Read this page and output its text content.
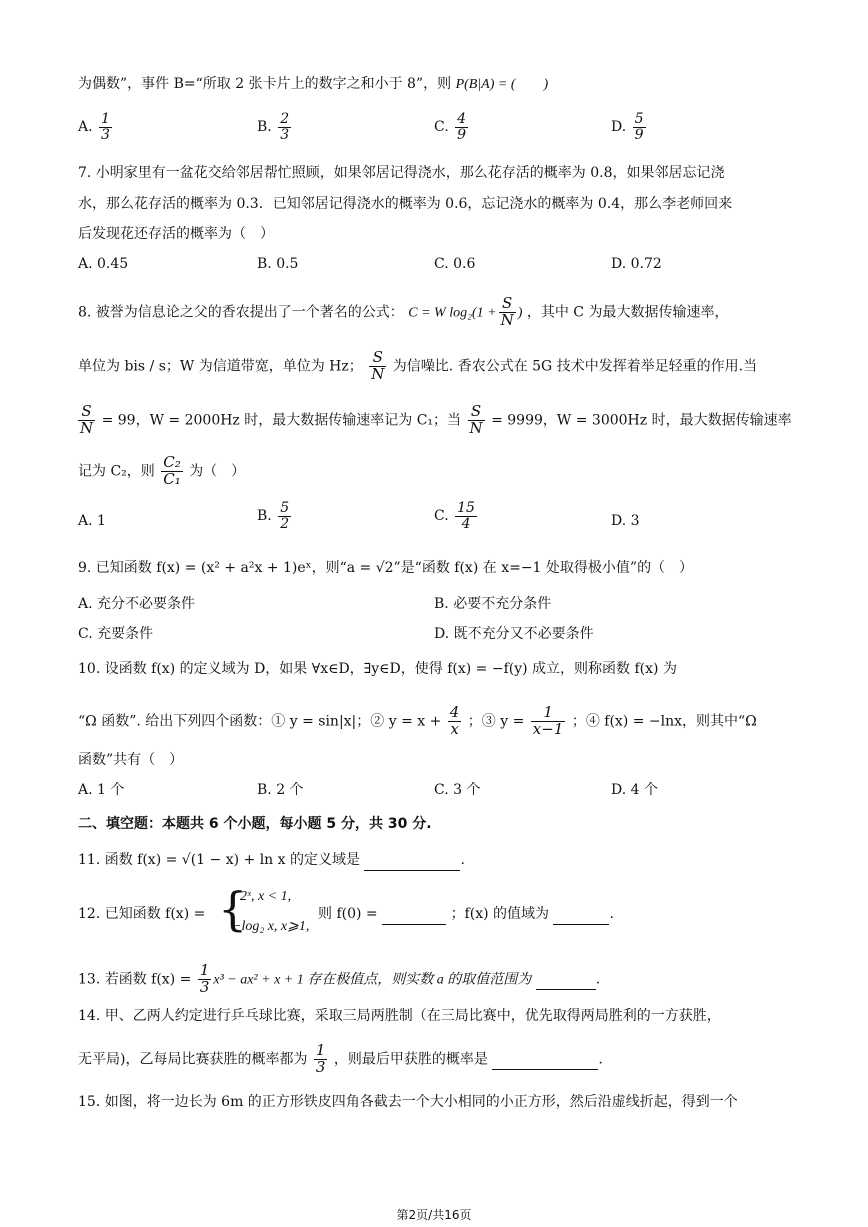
为偶数”，事件 B=“所取 2 张卡片上的数字之和小于 8”，则 P(B|A) = (　　)
A. $\frac{1}{3}$	B. $\frac{2}{3}$	C. $\frac{4}{9}$	D. $\frac{5}{9}$
7. 小明家里有一盆花交给邻居帮忙照顾，如果邻居记得浇水，那么花存活的概率为 0.8，如果邻居忘记浇
水，那么花存活的概率为 0.3．已知邻居记得浇水的概率为 0.6，忘记浇水的概率为 0.4，那么李老师回来
后发现花还存活的概率为（　）
A. 0.45	B. 0.5	C. 0.6	D. 0.72
8. 被誉为信息论之父的香农提出了一个著名的公式： C = W $\log_2(1 + \frac{S}{N}$ ) ，其中 C 为最大数据传输速率，
单位为 bis / s；W 为信道带宽，单位为 Hz； $\frac{S}{N}$ 为信噪比. 香农公式在 5G 技术中发挥着举足轻重的作用.当
$\frac{S}{N} = 99$，W = 2000Hz 时，最大数据传输速率记为 C₁；当 $\frac{S}{N} = 9999$，W = 3000Hz 时，最大数据传输速率
记为 C₂，则 $\frac{\text{C₂}}{\text{C₁}}$ 为（　）
A. 1	B. $\frac{5}{2}$	C. $\frac{15}{4}$	D. 3
9. 已知函数 f(x) = (x² + a²x + 1)eˣ，则“a = √2”是“函数 f(x) 在 x=−1 处取得极小值”的（　）
A. 充分不必要条件	B. 必要不充分条件
C. 充要条件	D. 既不充分又不必要条件
10. 设函数 f(x) 的定义域为 D，如果 ∀x∈D，∃y∈D，使得 f(x) = −f(y) 成立，则称函数 f(x) 为
“Ω 函数”. 给出下列四个函数：① y = sin|x|；② $y = x + \frac{4}{x}$ ；③ $y = \frac{1}{x-1}$ ；④ f(x) = −lnx，则其中“Ω
函数”共有（　）
A. 1 个	B. 2 个	C. 3 个	D. 4 个
二、填空题：本题共 6 个小题，每小题 5 分，共 30 分.
11. 函数 f(x) = √(1 − x) + ln x 的定义域是	.
12. 已知函数 f(x) = {
2ˣ, x < 1,
−log₂ x, x⩾1,
则 f(0) =	；f(x) 的值域为	.
13. 若函数 $f(x) = \frac{1}{3} x^3 - ax^2 + x + 1$ 存在极值点，则实数 a 的取值范围为	.
14. 甲、乙两人约定进行乒乓球比赛，采取三局两胜制（在三局比赛中，优先取得两局胜利的一方获胜，
无平局)，乙每局比赛获胜的概率都为 $\frac{1}{3}$ ，则最后甲获胜的概率是	.
15. 如图，将一边长为 6m 的正方形铁皮四角各截去一个大小相同的小正方形，然后沿虚线折起，得到一个
第2页/共16页
